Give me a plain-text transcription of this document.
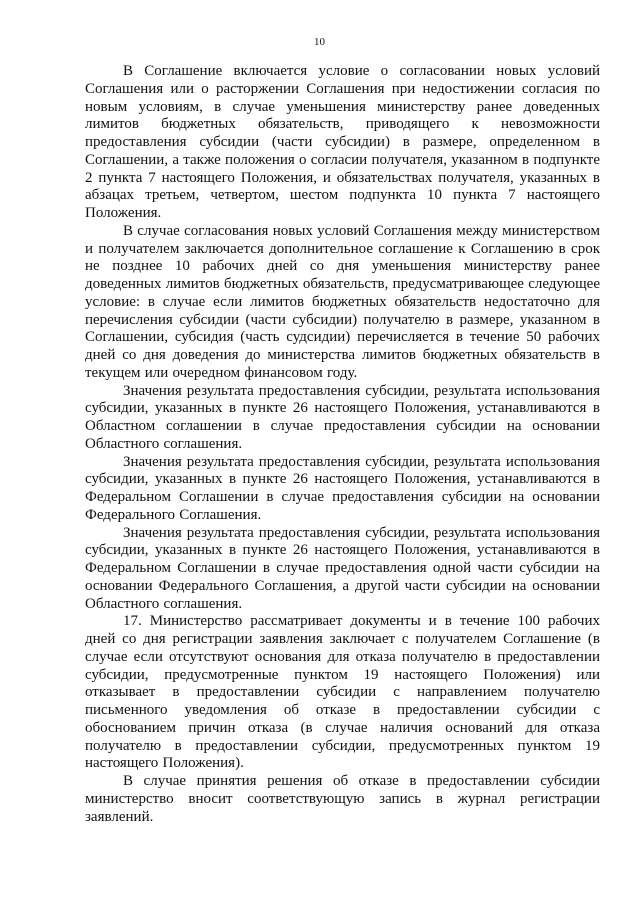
10

В Соглашение включается условие о согласовании новых условий Соглашения или о расторжении Соглашения при недостижении согласия по новым условиям, в случае уменьшения министерству ранее доведенных лимитов бюджетных обязательств, приводящего к невозможности предоставления субсидии (части субсидии) в размере, определенном в Соглашении, а также положения о согласии получателя, указанном в подпункте 2 пункта 7 настоящего Положения, и обязательствах получателя, указанных в абзацах третьем, четвертом, шестом подпункта 10 пункта 7 настоящего Положения.

В случае согласования новых условий Соглашения между министерством и получателем заключается дополнительное соглашение к Соглашению в срок не позднее 10 рабочих дней со дня уменьшения министерству ранее доведенных лимитов бюджетных обязательств, предусматривающее следующее условие: в случае если лимитов бюджетных обязательств недостаточно для перечисления субсидии (части субсидии) получателю в размере, указанном в Соглашении, субсидия (часть судсидии) перечисляется в течение 50 рабочих дней со дня доведения до министерства лимитов бюджетных обязательств в текущем или очередном финансовом году.

Значения результата предоставления субсидии, результата использования субсидии, указанных в пункте 26 настоящего Положения, устанавливаются в Областном соглашении в случае предоставления субсидии на основании Областного соглашения.

Значения результата предоставления субсидии, результата использования субсидии, указанных в пункте 26 настоящего Положения, устанавливаются в Федеральном Соглашении в случае предоставления субсидии на основании Федерального Соглашения.

Значения результата предоставления субсидии, результата использования субсидии, указанных в пункте 26 настоящего Положения, устанавливаются в Федеральном Соглашении в случае предоставления одной части субсидии на основании Федерального Соглашения, а другой части субсидии на основании Областного соглашения.

17. Министерство рассматривает документы и в течение 100 рабочих дней со дня регистрации заявления заключает с получателем Соглашение (в случае если отсутствуют основания для отказа получателю в предоставлении субсидии, предусмотренные пунктом 19 настоящего Положения) или отказывает в предоставлении субсидии с направлением получателю письменного уведомления об отказе в предоставлении субсидии с обоснованием причин отказа (в случае наличия оснований для отказа получателю в предоставлении субсидии, предусмотренных пунктом 19 настоящего Положения).

В случае принятия решения об отказе в предоставлении субсидии министерство вносит соответствующую запись в журнал регистрации заявлений.
